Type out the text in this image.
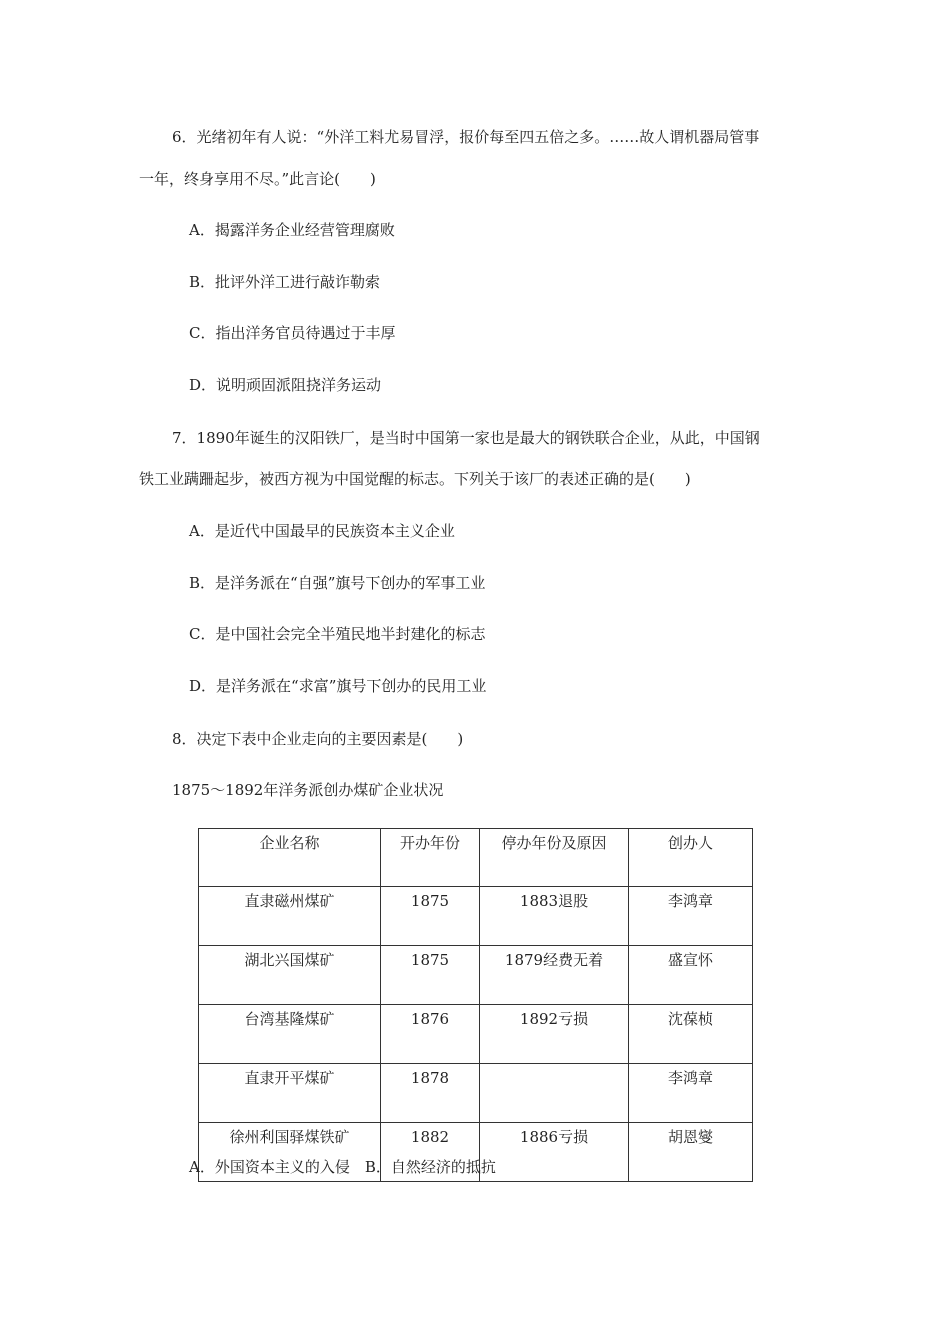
6．光绪初年有人说：“外洋工料尤易冒浮，报价每至四五倍之多。……故人谓机器局管事
一年，终身享用不尽。”此言论(　　)
A．揭露洋务企业经营管理腐败
B．批评外洋工进行敲诈勒索
C．指出洋务官员待遇过于丰厚
D．说明顽固派阻挠洋务运动
7．1890年诞生的汉阳铁厂，是当时中国第一家也是最大的钢铁联合企业，从此，中国钢
铁工业蹒跚起步，被西方视为中国觉醒的标志。下列关于该厂的表述正确的是(　　)
A．是近代中国最早的民族资本主义企业
B．是洋务派在“自强”旗号下创办的军事工业
C．是中国社会完全半殖民地半封建化的标志
D．是洋务派在“求富”旗号下创办的民用工业
8．决定下表中企业走向的主要因素是(　　)
1875～1892年洋务派创办煤矿企业状况
企业名称	开办年份	停办年份及原因	创办人
直隶磁州煤矿	1875	1883退股	李鸿章
湖北兴国煤矿	1875	1879经费无着	盛宣怀
台湾基隆煤矿	1876	1892亏损	沈葆桢
直隶开平煤矿	1878		李鸿章
徐州利国驿煤铁矿	1882	1886亏损	胡恩燮
A．外国资本主义的入侵　B．自然经济的抵抗
